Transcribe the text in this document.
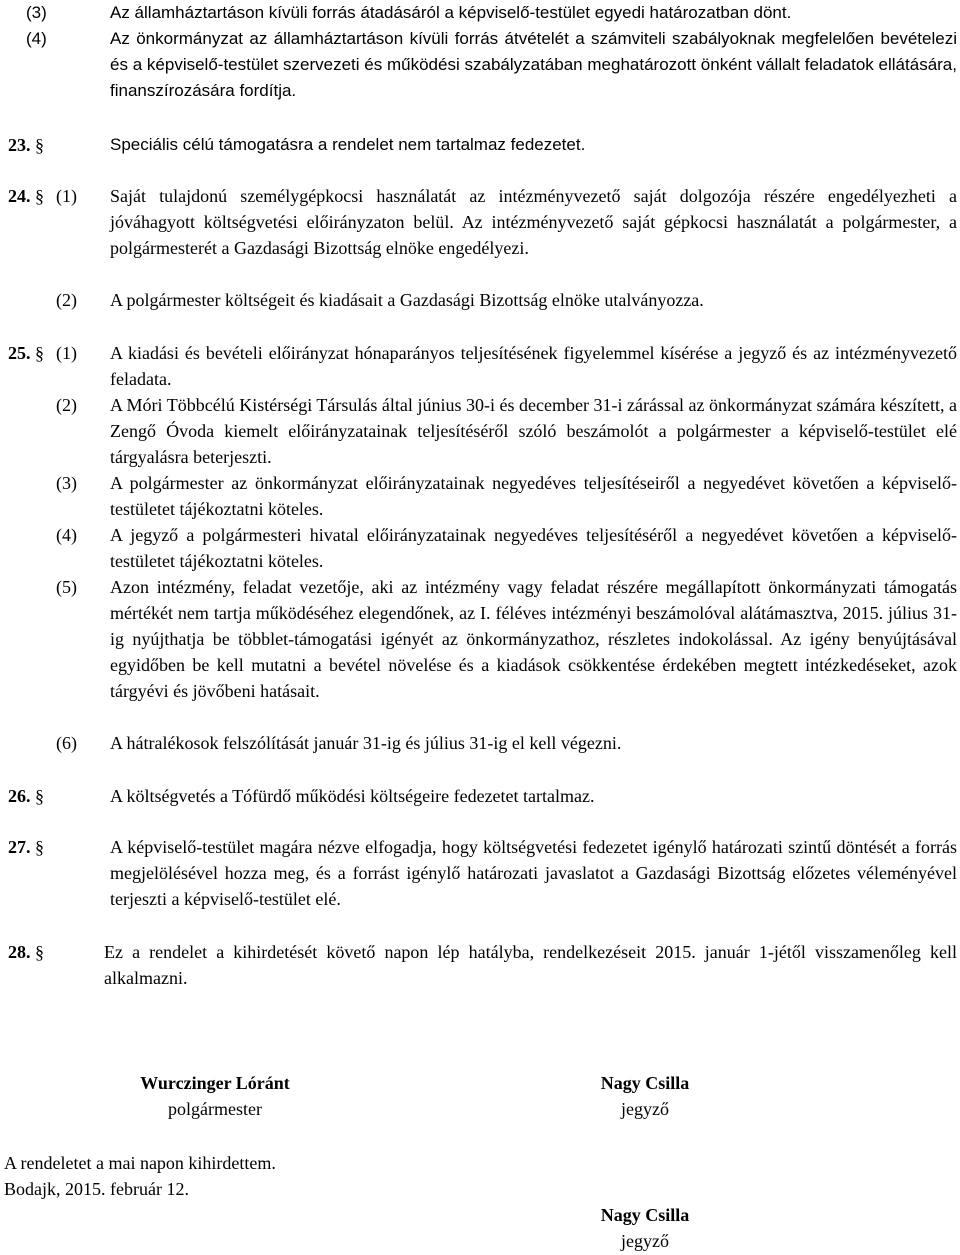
(3)	Az államháztartáson kívüli forrás átadásáról a képviselő-testület egyedi határozatban dönt.
(4)	Az önkormányzat az államháztartáson kívüli forrás átvételét a számviteli szabályoknak megfelelően bevételezi és a képviselő-testület szervezeti és működési szabályzatában meghatározott önként vállalt feladatok ellátására, finanszírozására fordítja.
23. §	Speciális célú támogatásra a rendelet nem tartalmaz fedezetet.
24. § (1)	Saját tulajdonú személygépkocsi használatát az intézményvezető saját dolgozója részére engedélyezheti a jóváhagyott költségvetési előirányzaton belül. Az intézményvezető saját gépkocsi használatát a polgármester, a polgármesterét a Gazdasági Bizottság elnöke engedélyezi.
(2)	A polgármester költségeit és kiadásait a Gazdasági Bizottság elnöke utalványozza.
25. § (1)	A kiadási és bevételi előirányzat hónaparányos teljesítésének figyelemmel kísérése a jegyző és az intézményvezető feladata.
(2)	A Móri Többcélú Kistérségi Társulás által június 30-i és december 31-i zárással az önkormányzat számára készített, a Zengő Óvoda kiemelt előirányzatainak teljesítéséről szóló beszámolót a polgármester a képviselő-testület elé tárgyalásra beterjeszti.
(3)	A polgármester az önkormányzat előirányzatainak negyedéves teljesítéseiről a negyedévet követően a képviselő-testületet tájékoztatni köteles.
(4)	A jegyző a polgármesteri hivatal előirányzatainak negyedéves teljesítéséről a negyedévet követően a képviselő-testületet tájékoztatni köteles.
(5)	Azon intézmény, feladat vezetője, aki az intézmény vagy feladat részére megállapított önkormányzati támogatás mértékét nem tartja működéséhez elegendőnek, az I. féléves intézményi beszámolóval alátámasztva, 2015. július 31-ig nyújthatja be többlet-támogatási igényét az önkormányzathoz, részletes indokolással. Az igény benyújtásával egyidőben be kell mutatni a bevétel növelése és a kiadások csökkentése érdekében megtett intézkedéseket, azok tárgyévi és jövőbeni hatásait.
(6)	A hátralékosok felszólítását január 31-ig és július 31-ig el kell végezni.
26. §	A költségvetés a Tófürdő működési költségeire fedezetet tartalmaz.
27. §	A képviselő-testület magára nézve elfogadja, hogy költségvetési fedezetet igénylő határozati szintű döntését a forrás megjelölésével hozza meg, és a forrást igénylő határozati javaslatot a Gazdasági Bizottság előzetes véleményével terjeszti a képviselő-testület elé.
28. §	Ez a rendelet a kihirdetését követő napon lép hatályba, rendelkezéseit 2015. január 1-jétől visszamenőleg kell alkalmazni.
Wurczinger Lóránt
polgármester
Nagy Csilla
jegyző
A rendeletet a mai napon kihirdettem.
Bodajk, 2015. február 12.
Nagy Csilla
jegyző
